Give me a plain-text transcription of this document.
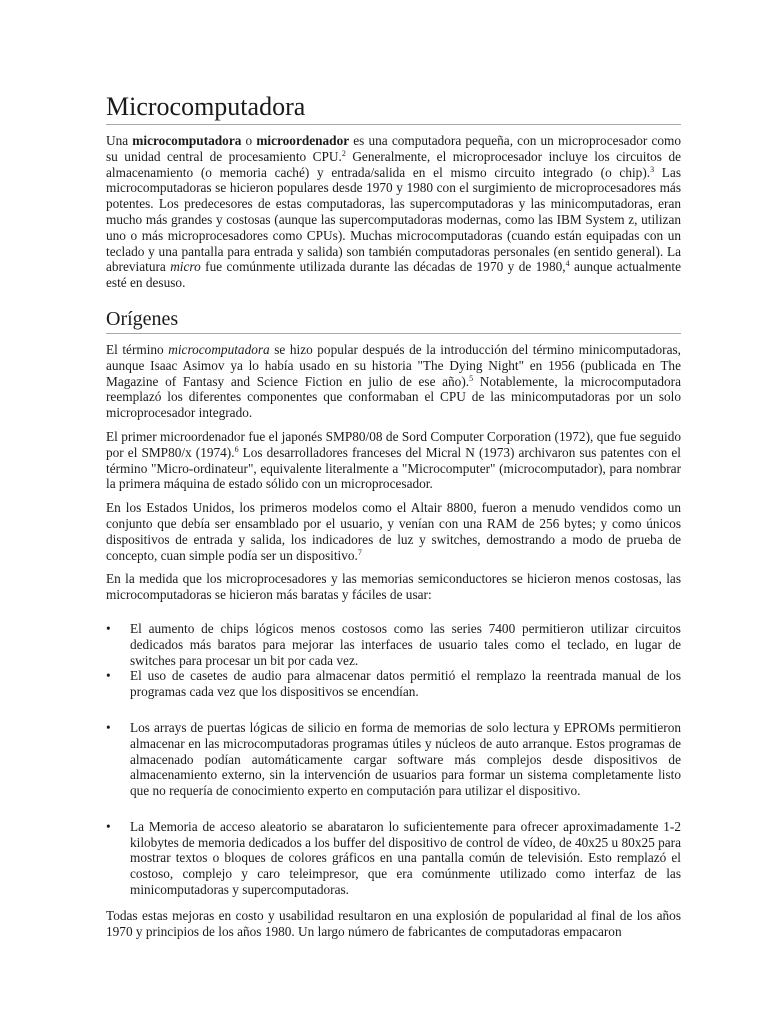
Microcomputadora

Una microcomputadora o microordenador es una computadora pequeña, con un microprocesador como su unidad central de procesamiento CPU.$^2$ Generalmente, el microprocesador incluye los circuitos de almacenamiento (o memoria caché) y entrada/salida en el mismo circuito integrado (o chip).$^3$ Las microcomputadoras se hicieron populares desde 1970 y 1980 con el surgimiento de microprocesadores más potentes. Los predecesores de estas computadoras, las supercomputadoras y las minicomputadoras, eran mucho más grandes y costosas (aunque las supercomputadoras modernas, como las IBM System z, utilizan uno o más microprocesadores como CPUs). Muchas microcomputadoras (cuando están equipadas con un teclado y una pantalla para entrada y salida) son también computadoras personales (en sentido general). La abreviatura micro fue comúnmente utilizada durante las décadas de 1970 y de 1980,$^4$ aunque actualmente esté en desuso.

Orígenes

El término microcomputadora se hizo popular después de la introducción del término minicomputadoras, aunque Isaac Asimov ya lo había usado en su historia "The Dying Night" en 1956 (publicada en The Magazine of Fantasy and Science Fiction en julio de ese año).$^5$ Notablemente, la microcomputadora reemplazó los diferentes componentes que conformaban el CPU de las minicomputadoras por un solo microprocesador integrado.

El primer microordenador fue el japonés SMP80/08 de Sord Computer Corporation (1972), que fue seguido por el SMP80/x (1974).$^6$ Los desarrolladores franceses del Micral N (1973) archivaron sus patentes con el término "Micro-ordinateur", equivalente literalmente a "Microcomputer" (microcomputador), para nombrar la primera máquina de estado sólido con un microprocesador.

En los Estados Unidos, los primeros modelos como el Altair 8800, fueron a menudo vendidos como un conjunto que debía ser ensamblado por el usuario, y venían con una RAM de 256 bytes; y como únicos dispositivos de entrada y salida, los indicadores de luz y switches, demostrando a modo de prueba de concepto, cuan simple podía ser un dispositivo.$^7$

En la medida que los microprocesadores y las memorias semiconductores se hicieron menos costosas, las microcomputadoras se hicieron más baratas y fáciles de usar:

• El aumento de chips lógicos menos costosos como las series 7400 permitieron utilizar circuitos dedicados más baratos para mejorar las interfaces de usuario tales como el teclado, en lugar de switches para procesar un bit por cada vez.
• El uso de casetes de audio para almacenar datos permitió el remplazo la reentrada manual de los programas cada vez que los dispositivos se encendían.
• Los arrays de puertas lógicas de silicio en forma de memorias de solo lectura y EPROMs permitieron almacenar en las microcomputadoras programas útiles y núcleos de auto arranque. Estos programas de almacenado podían automáticamente cargar software más complejos desde dispositivos de almacenamiento externo, sin la intervención de usuarios para formar un sistema completamente listo que no requería de conocimiento experto en computación para utilizar el dispositivo.
• La Memoria de acceso aleatorio se abarataron lo suficientemente para ofrecer aproximadamente 1-2 kilobytes de memoria dedicados a los buffer del dispositivo de control de vídeo, de 40x25 u 80x25 para mostrar textos o bloques de colores gráficos en una pantalla común de televisión. Esto remplazó el costoso, complejo y caro teleimpresor, que era comúnmente utilizado como interfaz de las minicomputadoras y supercomputadoras.

Todas estas mejoras en costo y usabilidad resultaron en una explosión de popularidad al final de los años 1970 y principios de los años 1980. Un largo número de fabricantes de computadoras empacaron
